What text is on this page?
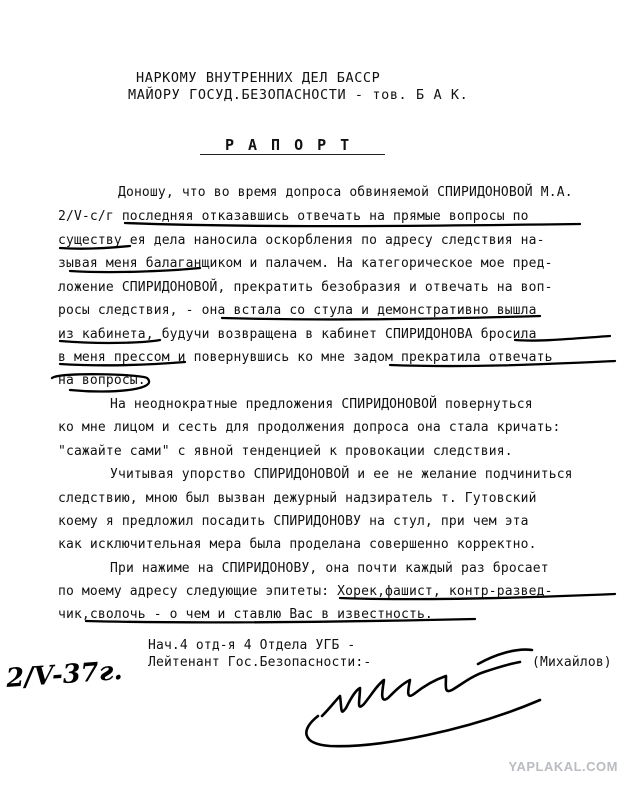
НАРКОМУ ВНУТРЕННИХ ДЕЛ БАССР
МАЙОРУ ГОСУД.БЕЗОПАСНОСТИ - тов. Б А К.
РАПОРТ
Доношу, что во время допроса обвиняемой СПИРИДОНОВОЙ М.А.
2/V-с/г последняя отказавшись отвечать на прямые вопросы по
существу ея дела наносила оскорбления по адресу следствия на-
зывая меня балаганщиком и палачем. На категорическое мое пред-
ложение СПИРИДОНОВОЙ, прекратить безобразия и отвечать на воп-
росы следствия, - она встала со стула и демонстративно вышла
из кабинета, будучи возвращена в кабинет СПИРИДОНОВА бросила
в меня прессом и повернувшись ко мне задом прекратила отвечать
на вопросы.
На неоднократные предложения СПИРИДОНОВОЙ повернуться
ко мне лицом и сесть для продолжения допроса она стала кричать:
"сажайте сами" с явной тенденцией к провокации следствия.
Учитывая упорство СПИРИДОНОВОЙ и ее не желание подчиниться
следствию, мною был вызван дежурный надзиратель т. Гутовский
коему я предложил посадить СПИРИДОНОВУ на стул, при чем эта
как исключительная мера была проделана совершенно корректно.
При нажиме на СПИРИДОНОВУ, она почти каждый раз бросает
по моему адресу следующие эпитеты: Хорек,фашист, контр-развед-
чик,сволочь - о чем и ставлю Вас в известность.
Нач.4 отд-я 4 Отдела УГБ -
Лейтенант Гос.Безопасности:-	(Михайлов)
2/V-37г.
YAPLAKAL.COM
